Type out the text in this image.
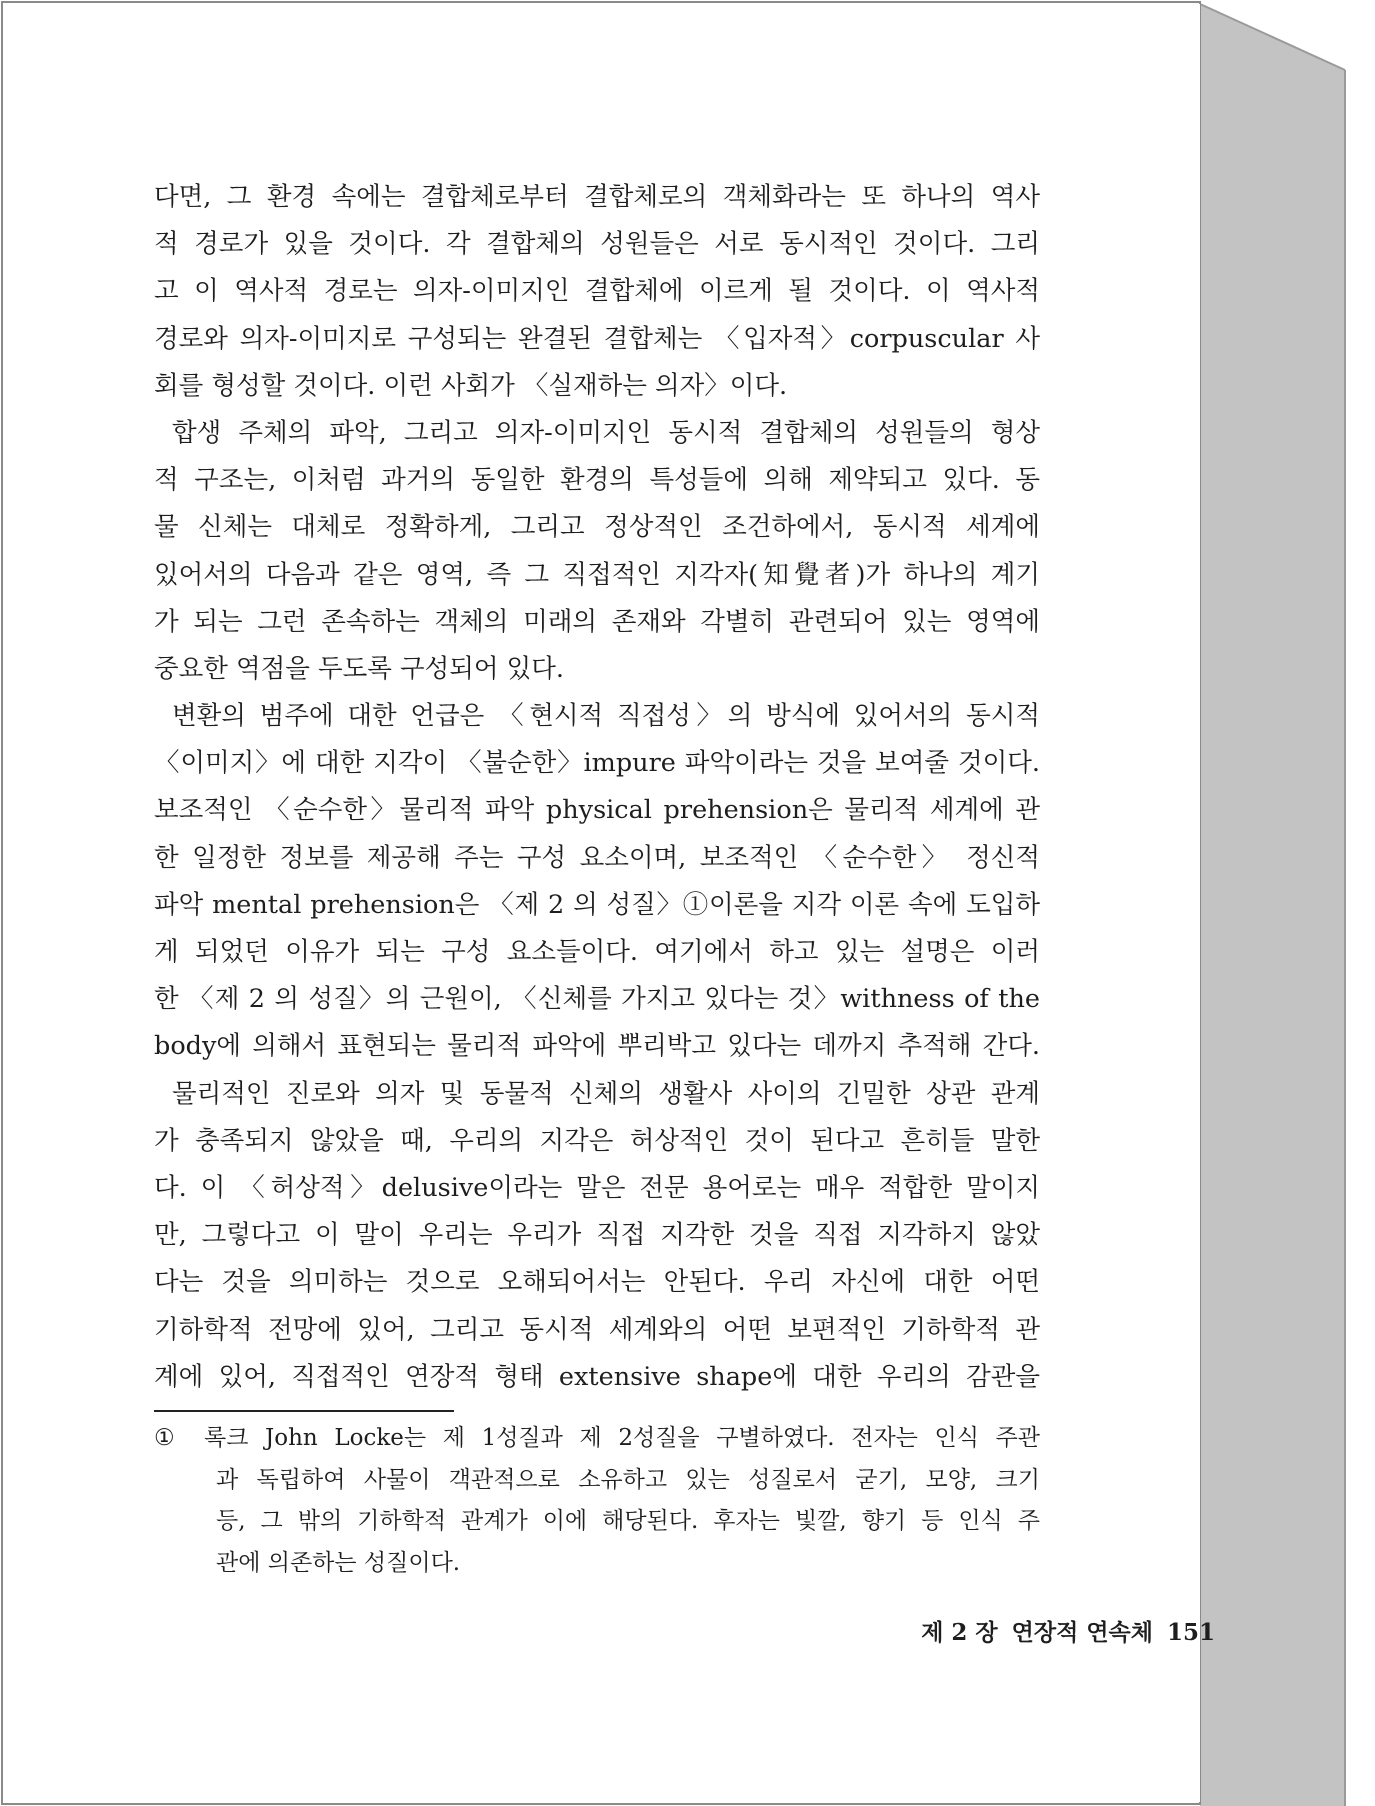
다면, 그 환경 속에는 결합체로부터 결합체로의 객체화라는 또 하나의 역사
적 경로가 있을 것이다. 각 결합체의 성원들은 서로 동시적인 것이다. 그리
고 이 역사적 경로는 의자-이미지인 결합체에 이르게 될 것이다. 이 역사적
경로와 의자-이미지로 구성되는 완결된 결합체는 〈입자적〉corpuscular 사
회를 형성할 것이다. 이런 사회가 〈실재하는 의자〉이다.
합생 주체의 파악, 그리고 의자-이미지인 동시적 결합체의 성원들의 형상
적 구조는, 이처럼 과거의 동일한 환경의 특성들에 의해 제약되고 있다. 동
물 신체는 대체로 정확하게, 그리고 정상적인 조건하에서, 동시적 세계에
있어서의 다음과 같은 영역, 즉 그 직접적인 지각자(知覺者)가 하나의 계기
가 되는 그런 존속하는 객체의 미래의 존재와 각별히 관련되어 있는 영역에
중요한 역점을 두도록 구성되어 있다.
변환의 범주에 대한 언급은 〈현시적 직접성〉의 방식에 있어서의 동시적
〈이미지〉에 대한 지각이 〈불순한〉impure 파악이라는 것을 보여줄 것이다.
보조적인 〈순수한〉물리적 파악 physical prehension은 물리적 세계에 관
한 일정한 정보를 제공해 주는 구성 요소이며, 보조적인 〈순수한〉 정신적
파악 mental prehension은 〈제 2 의 성질〉①이론을 지각 이론 속에 도입하
게 되었던 이유가 되는 구성 요소들이다. 여기에서 하고 있는 설명은 이러
한 〈제 2 의 성질〉의 근원이, 〈신체를 가지고 있다는 것〉withness of the
body에 의해서 표현되는 물리적 파악에 뿌리박고 있다는 데까지 추적해 간다.
물리적인 진로와 의자 및 동물적 신체의 생활사 사이의 긴밀한 상관 관계
가 충족되지 않았을 때, 우리의 지각은 허상적인 것이 된다고 흔히들 말한
다. 이 〈허상적〉delusive이라는 말은 전문 용어로는 매우 적합한 말이지
만, 그렇다고 이 말이 우리는 우리가 직접 지각한 것을 직접 지각하지 않았
다는 것을 의미하는 것으로 오해되어서는 안된다. 우리 자신에 대한 어떤
기하학적 전망에 있어, 그리고 동시적 세계와의 어떤 보편적인 기하학적 관
계에 있어, 직접적인 연장적 형태 extensive shape에 대한 우리의 감관을
① 록크 John Locke는 제 1성질과 제 2성질을 구별하였다. 전자는 인식 주관
과 독립하여 사물이 객관적으로 소유하고 있는 성질로서 굳기, 모양, 크기
등, 그 밖의 기하학적 관계가 이에 해당된다. 후자는 빛깔, 향기 등 인식 주
관에 의존하는 성질이다.
제 2 장 연장적 연속체 151
